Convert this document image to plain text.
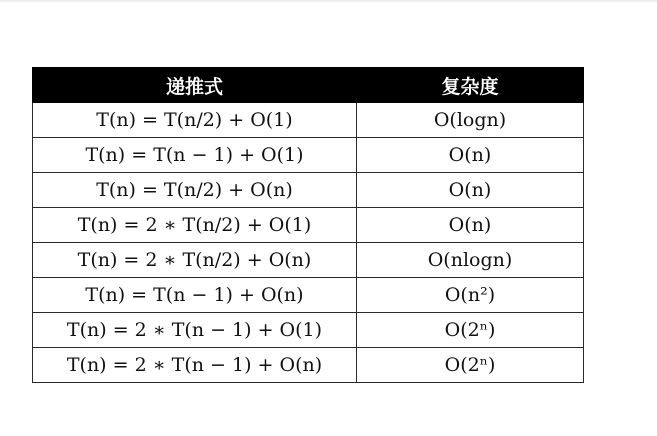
递推式	复杂度
T(n) = T(n/2) + O(1)	O(logn)
T(n) = T(n − 1) + O(1)	O(n)
T(n) = T(n/2) + O(n)	O(n)
T(n) = 2 ∗ T(n/2) + O(1)	O(n)
T(n) = 2 ∗ T(n/2) + O(n)	O(nlogn)
T(n) = T(n − 1) + O(n)	O(n²)
T(n) = 2 ∗ T(n − 1) + O(1)	O(2ⁿ)
T(n) = 2 ∗ T(n − 1) + O(n)	O(2ⁿ)
